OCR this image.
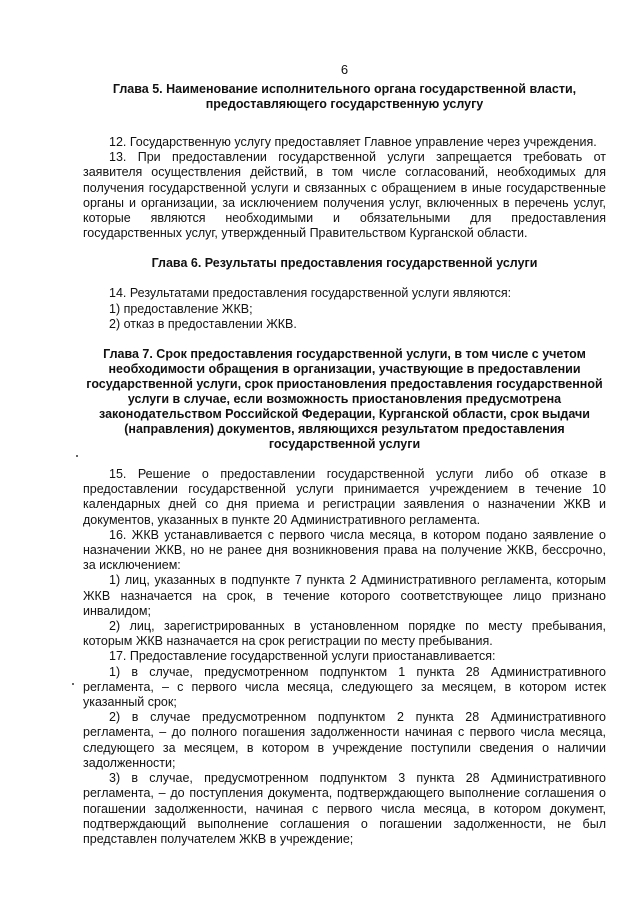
6
Глава 5. Наименование исполнительного органа государственной власти, предоставляющего государственную услугу

12. Государственную услугу предоставляет Главное управление через учреждения.

13. При предоставлении государственной услуги запрещается требовать от заявителя осуществления действий, в том числе согласований, необходимых для получения государственной услуги и связанных с обращением в иные государственные органы и организации, за исключением получения услуг, включенных в перечень услуг, которые являются необходимыми и обязательными для предоставления государственных услуг, утвержденный Правительством Курганской области.

Глава 6. Результаты предоставления государственной услуги

14. Результатами предоставления государственной услуги являются:

1) предоставление ЖКВ;

2) отказ в предоставлении ЖКВ.

Глава 7. Срок предоставления государственной услуги, в том числе с учетом необходимости обращения в организации, участвующие в предоставлении государственной услуги, срок приостановления предоставления государственной услуги в случае, если возможность приостановления предусмотрена законодательством Российской Федерации, Курганской области, срок выдачи (направления) документов, являющихся результатом предоставления государственной услуги

15. Решение о предоставлении государственной услуги либо об отказе в предоставлении государственной услуги принимается учреждением в течение 10 календарных дней со дня приема и регистрации заявления о назначении ЖКВ и документов, указанных в пункте 20 Административного регламента.

16. ЖКВ устанавливается с первого числа месяца, в котором подано заявление о назначении ЖКВ, но не ранее дня возникновения права на получение ЖКВ, бессрочно, за исключением:

1) лиц, указанных в подпункте 7 пункта 2 Административного регламента, которым ЖКВ назначается на срок, в течение которого соответствующее лицо признано инвалидом;

2) лиц, зарегистрированных в установленном порядке по месту пребывания, которым ЖКВ назначается на срок регистрации по месту пребывания.

17. Предоставление государственной услуги приостанавливается:

1) в случае, предусмотренном подпунктом 1 пункта 28 Административного регламента, – с первого числа месяца, следующего за месяцем, в котором истек указанный срок;

2) в случае предусмотренном подпунктом 2 пункта 28 Административного регламента, – до полного погашения задолженности начиная с первого числа месяца, следующего за месяцем, в котором в учреждение поступили сведения о наличии задолженности;

3) в случае, предусмотренном подпунктом 3 пункта 28 Административного регламента, – до поступления документа, подтверждающего выполнение соглашения о погашении задолженности, начиная с первого числа месяца, в котором документ, подтверждающий выполнение соглашения о погашении задолженности, не был представлен получателем ЖКВ в учреждение;
